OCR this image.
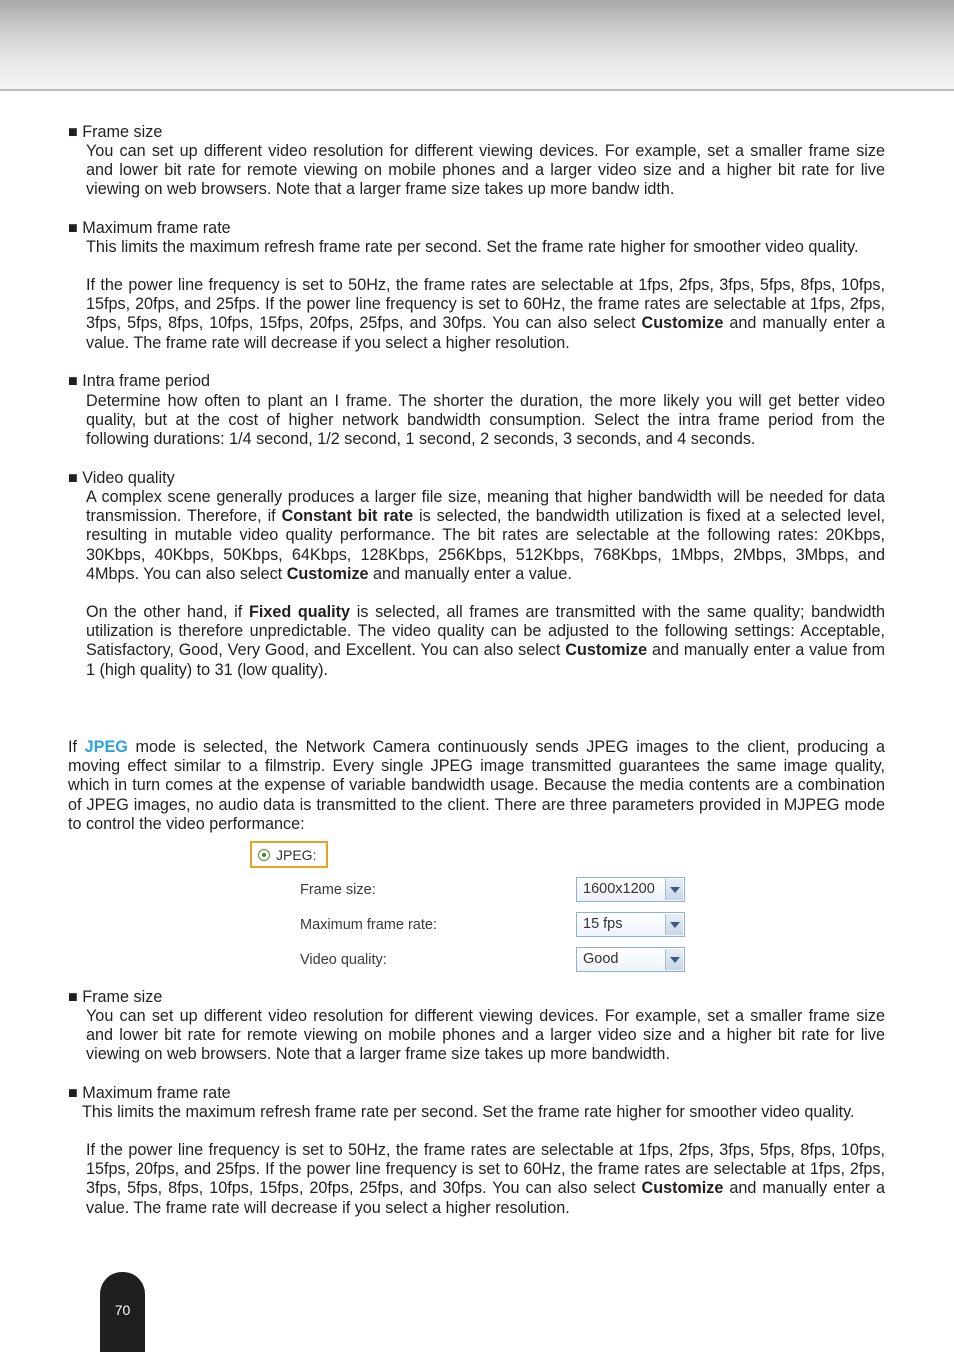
■ Frame size

You can set up different video resolution for different viewing devices. For example, set a smaller frame size and lower bit rate for remote viewing on mobile phones and a larger video size and a higher bit rate for live viewing on web browsers. Note that a larger frame size takes up more bandw idth.

■ Maximum frame rate

This limits the maximum refresh frame rate per second. Set the frame rate higher for smoother video quality.

If the power line frequency is set to 50Hz, the frame rates are selectable at 1fps, 2fps, 3fps, 5fps, 8fps, 10fps, 15fps, 20fps, and 25fps. If the power line frequency is set to 60Hz, the frame rates are selectable at 1fps, 2fps, 3fps, 5fps, 8fps, 10fps, 15fps, 20fps, 25fps, and 30fps. You can also select Customize and manually enter a value. The frame rate will decrease if you select a higher resolution.

■ Intra frame period

Determine how often to plant an I frame. The shorter the duration, the more likely you will get better video quality, but at the cost of higher network bandwidth consumption. Select the intra frame period from the following durations: 1/4 second, 1/2 second, 1 second, 2 seconds, 3 seconds, and 4 seconds.

■ Video quality

A complex scene generally produces a larger file size, meaning that higher bandwidth will be needed for data transmission. Therefore, if Constant bit rate is selected, the bandwidth utilization is fixed at a selected level, resulting in mutable video quality performance. The bit rates are selectable at the following rates: 20Kbps, 30Kbps, 40Kbps, 50Kbps, 64Kbps, 128Kbps, 256Kbps, 512Kbps, 768Kbps, 1Mbps, 2Mbps, 3Mbps, and 4Mbps. You can also select Customize and manually enter a value.

On the other hand, if Fixed quality is selected, all frames are transmitted with the same quality; bandwidth utilization is therefore unpredictable. The video quality can be adjusted to the following settings: Acceptable, Satisfactory, Good, Very Good, and Excellent. You can also select Customize and manually enter a value from 1 (high quality) to 31 (low quality).

If JPEG mode is selected, the Network Camera continuously sends JPEG images to the client, producing a moving effect similar to a filmstrip. Every single JPEG image transmitted guarantees the same image quality, which in turn comes at the expense of variable bandwidth usage. Because the media contents are a combination of JPEG images, no audio data is transmitted to the client. There are three parameters provided in MJPEG mode to control the video performance:

JPEG:
Frame size:	1600x1200
Maximum frame rate:	15 fps
Video quality:	Good
■ Frame size

You can set up different video resolution for different viewing devices. For example, set a smaller frame size and lower bit rate for remote viewing on mobile phones and a larger video size and a higher bit rate for live viewing on web browsers. Note that a larger frame size takes up more bandwidth.

■ Maximum frame rate

This limits the maximum refresh frame rate per second. Set the frame rate higher for smoother video quality.

If the power line frequency is set to 50Hz, the frame rates are selectable at 1fps, 2fps, 3fps, 5fps, 8fps, 10fps, 15fps, 20fps, and 25fps. If the power line frequency is set to 60Hz, the frame rates are selectable at 1fps, 2fps, 3fps, 5fps, 8fps, 10fps, 15fps, 20fps, 25fps, and 30fps. You can also select Customize and manually enter a value. The frame rate will decrease if you select a higher resolution.

70
